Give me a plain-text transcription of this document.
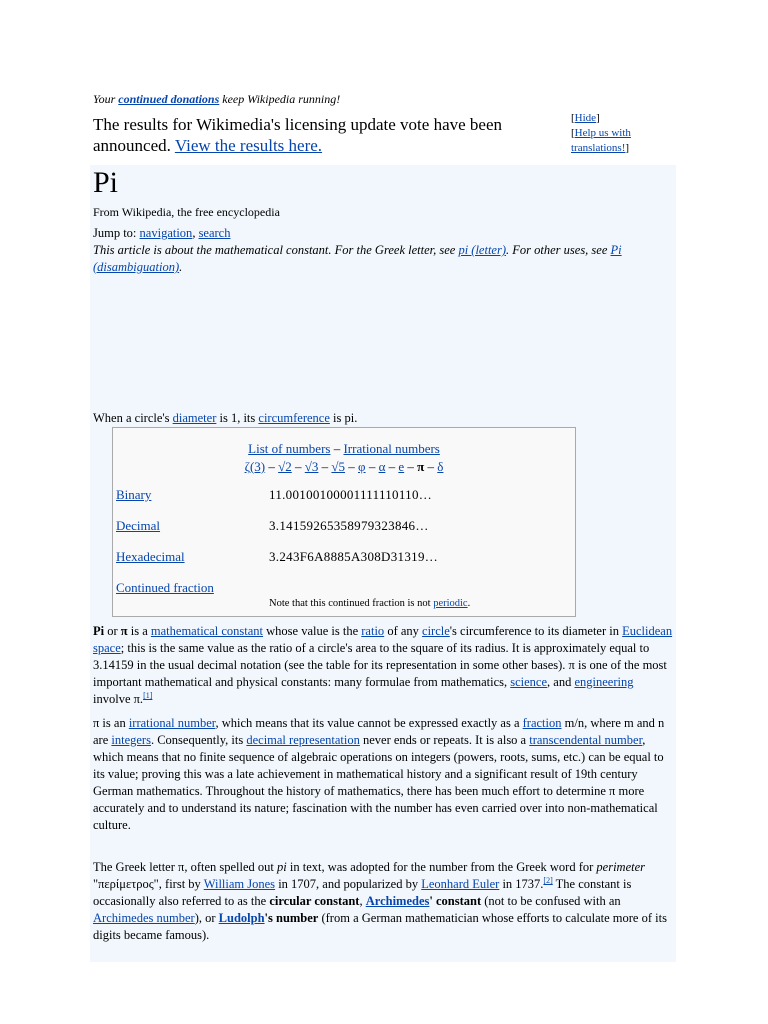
Your continued donations keep Wikipedia running!
The results for Wikimedia's licensing update vote have been announced. View the results here.
[Hide]
[Help us with translations!]
Pi
From Wikipedia, the free encyclopedia
Jump to: navigation, search
This article is about the mathematical constant. For the Greek letter, see pi (letter). For other uses, see Pi (disambiguation).
When a circle's diameter is 1, its circumference is pi.
List of numbers – Irrational numbers
ζ(3) – √2 – √3 – √5 – φ – α – e – π – δ
Binary	11.00100100001111110110…
Decimal	3.14159265358979323846…
Hexadecimal	3.243F6A8885A308D31319…
Continued fraction
Note that this continued fraction is not periodic.
Pi or π is a mathematical constant whose value is the ratio of any circle's circumference to its diameter in Euclidean space; this is the same value as the ratio of a circle's area to the square of its radius. It is approximately equal to 3.14159 in the usual decimal notation (see the table for its representation in some other bases). π is one of the most important mathematical and physical constants: many formulae from mathematics, science, and engineering involve π.[1]
π is an irrational number, which means that its value cannot be expressed exactly as a fraction m/n, where m and n are integers. Consequently, its decimal representation never ends or repeats. It is also a transcendental number, which means that no finite sequence of algebraic operations on integers (powers, roots, sums, etc.) can be equal to its value; proving this was a late achievement in mathematical history and a significant result of 19th century German mathematics. Throughout the history of mathematics, there has been much effort to determine π more accurately and to understand its nature; fascination with the number has even carried over into non-mathematical culture.
The Greek letter π, often spelled out pi in text, was adopted for the number from the Greek word for perimeter "περίμετρος", first by William Jones in 1707, and popularized by Leonhard Euler in 1737.[2] The constant is occasionally also referred to as the circular constant, Archimedes' constant (not to be confused with an Archimedes number), or Ludolph's number (from a German mathematician whose efforts to calculate more of its digits became famous).
